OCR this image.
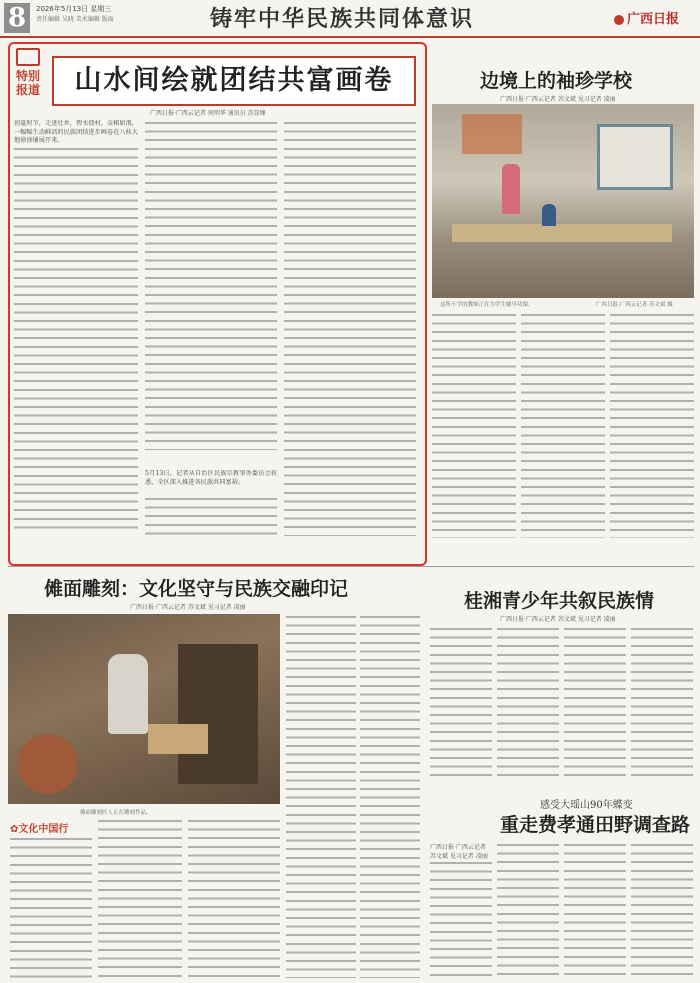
8	2026年5月13日 星期三
责任编辑 吴晓 美术编辑 版面	铸牢中华民族共同体意识	广西日报
特别
报道	山水间绘就团结共富画卷
广西日报·广西云记者 何明华 通讯员 苏显臻
初夏时节，走进壮乡，碧水绕村，金稻如浪，一幅幅生动鲜活的民族团结进步画卷在八桂大地徐徐铺展开来。
5月13日，记者从自治区民族宗教事务委员会获悉，全区深入推进各民族共同富裕。
边境上的袖珍学校
广西日报·广西云记者 苏文斌 见习记者 凌丽
这所小学的教师正在为学生辅导功课。	广西日报·广西云记者 苏文斌 摄
傩面雕刻：文化坚守与民族交融印记
广西日报·广西云记者 苏文斌 见习记者 凌丽
傩面雕刻匠人正在雕刻作品。
✿文化中国行
桂湘青少年共叙民族情
广西日报·广西云记者 苏文斌 见习记者 凌丽
感受大瑶山90年蝶变
重走费孝通田野调查路
广西日报·广西云记者 苏文斌 见习记者 凌丽
